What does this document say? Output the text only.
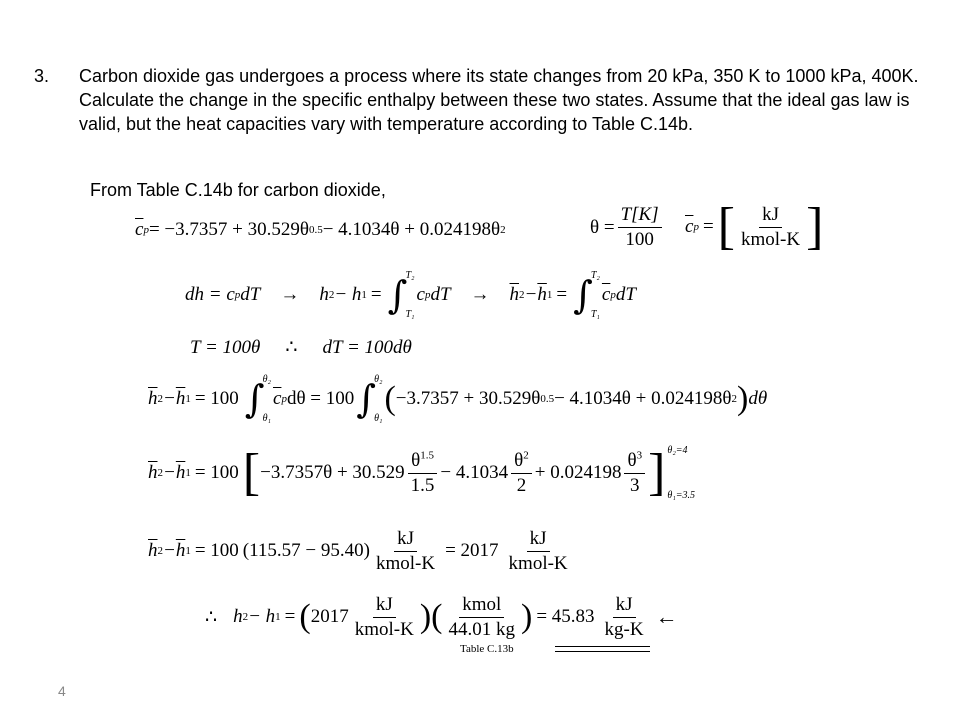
3. Carbon dioxide gas undergoes a process where its state changes from 20 kPa, 350 K to 1000 kPa, 400K. Calculate the change in the specific enthalpy between these two states. Assume that the ideal gas law is valid, but the heat capacities vary with temperature according to Table C.14b.
From Table C.14b for carbon dioxide,
$\overline{c}$ p = −3.7357 + 30.529θ 0.5 − 4.1034θ + 0.024198θ 2	$\theta = \frac{T[K]}{100} \overline{c}$ p = [ $\frac{kJ}{\text{kmol-K}}$ ]
dh = c p dT → h 2 − h 1 = ∫
T₂
T₁
c p dT → $\overline{h}$ $2 - \overline{h}$ 1 = ∫
T₂
T₁
$\overline{c}$ p dT
T = 100θ ∴ dT = 100dθ
$\overline{h}$ $2 - \overline{h}$ 1 = 100 ∫
θ₂
θ₁
$\overline{c}$ p dθ = 100 ∫
θ₂
θ₁
( −3.7357 + 30.529θ 0.5 − 4.1034θ + 0.024198θ 2 ) dθ
$\overline{h}$ $2 - \overline{h}$ 1 = 100 [ $-3.7357\theta + 30.529 \frac{\theta^{1.5}}{1.5} - 4.1034 \frac{\theta^2}{2} + 0.024198 \frac{\theta^3}{3}$ ] θ₂=4
θ₁=3.5
$\overline{h}$ $2 - \overline{h}$ 1 = 100 $(115.57 - 95.40) \frac{kJ}{\text{kmol-K}} = 2017 \frac{kJ}{\text{kmol-K}}$
∴ h 2 − h 1 = ( $2017 \frac{kJ}{\text{kmol-K}}$ ) ( $\frac{\text{kmol}}{44.01 kg}$ ) = $45.83 \frac{kJ}{kg-K}$ ←
Table C.13b
4
